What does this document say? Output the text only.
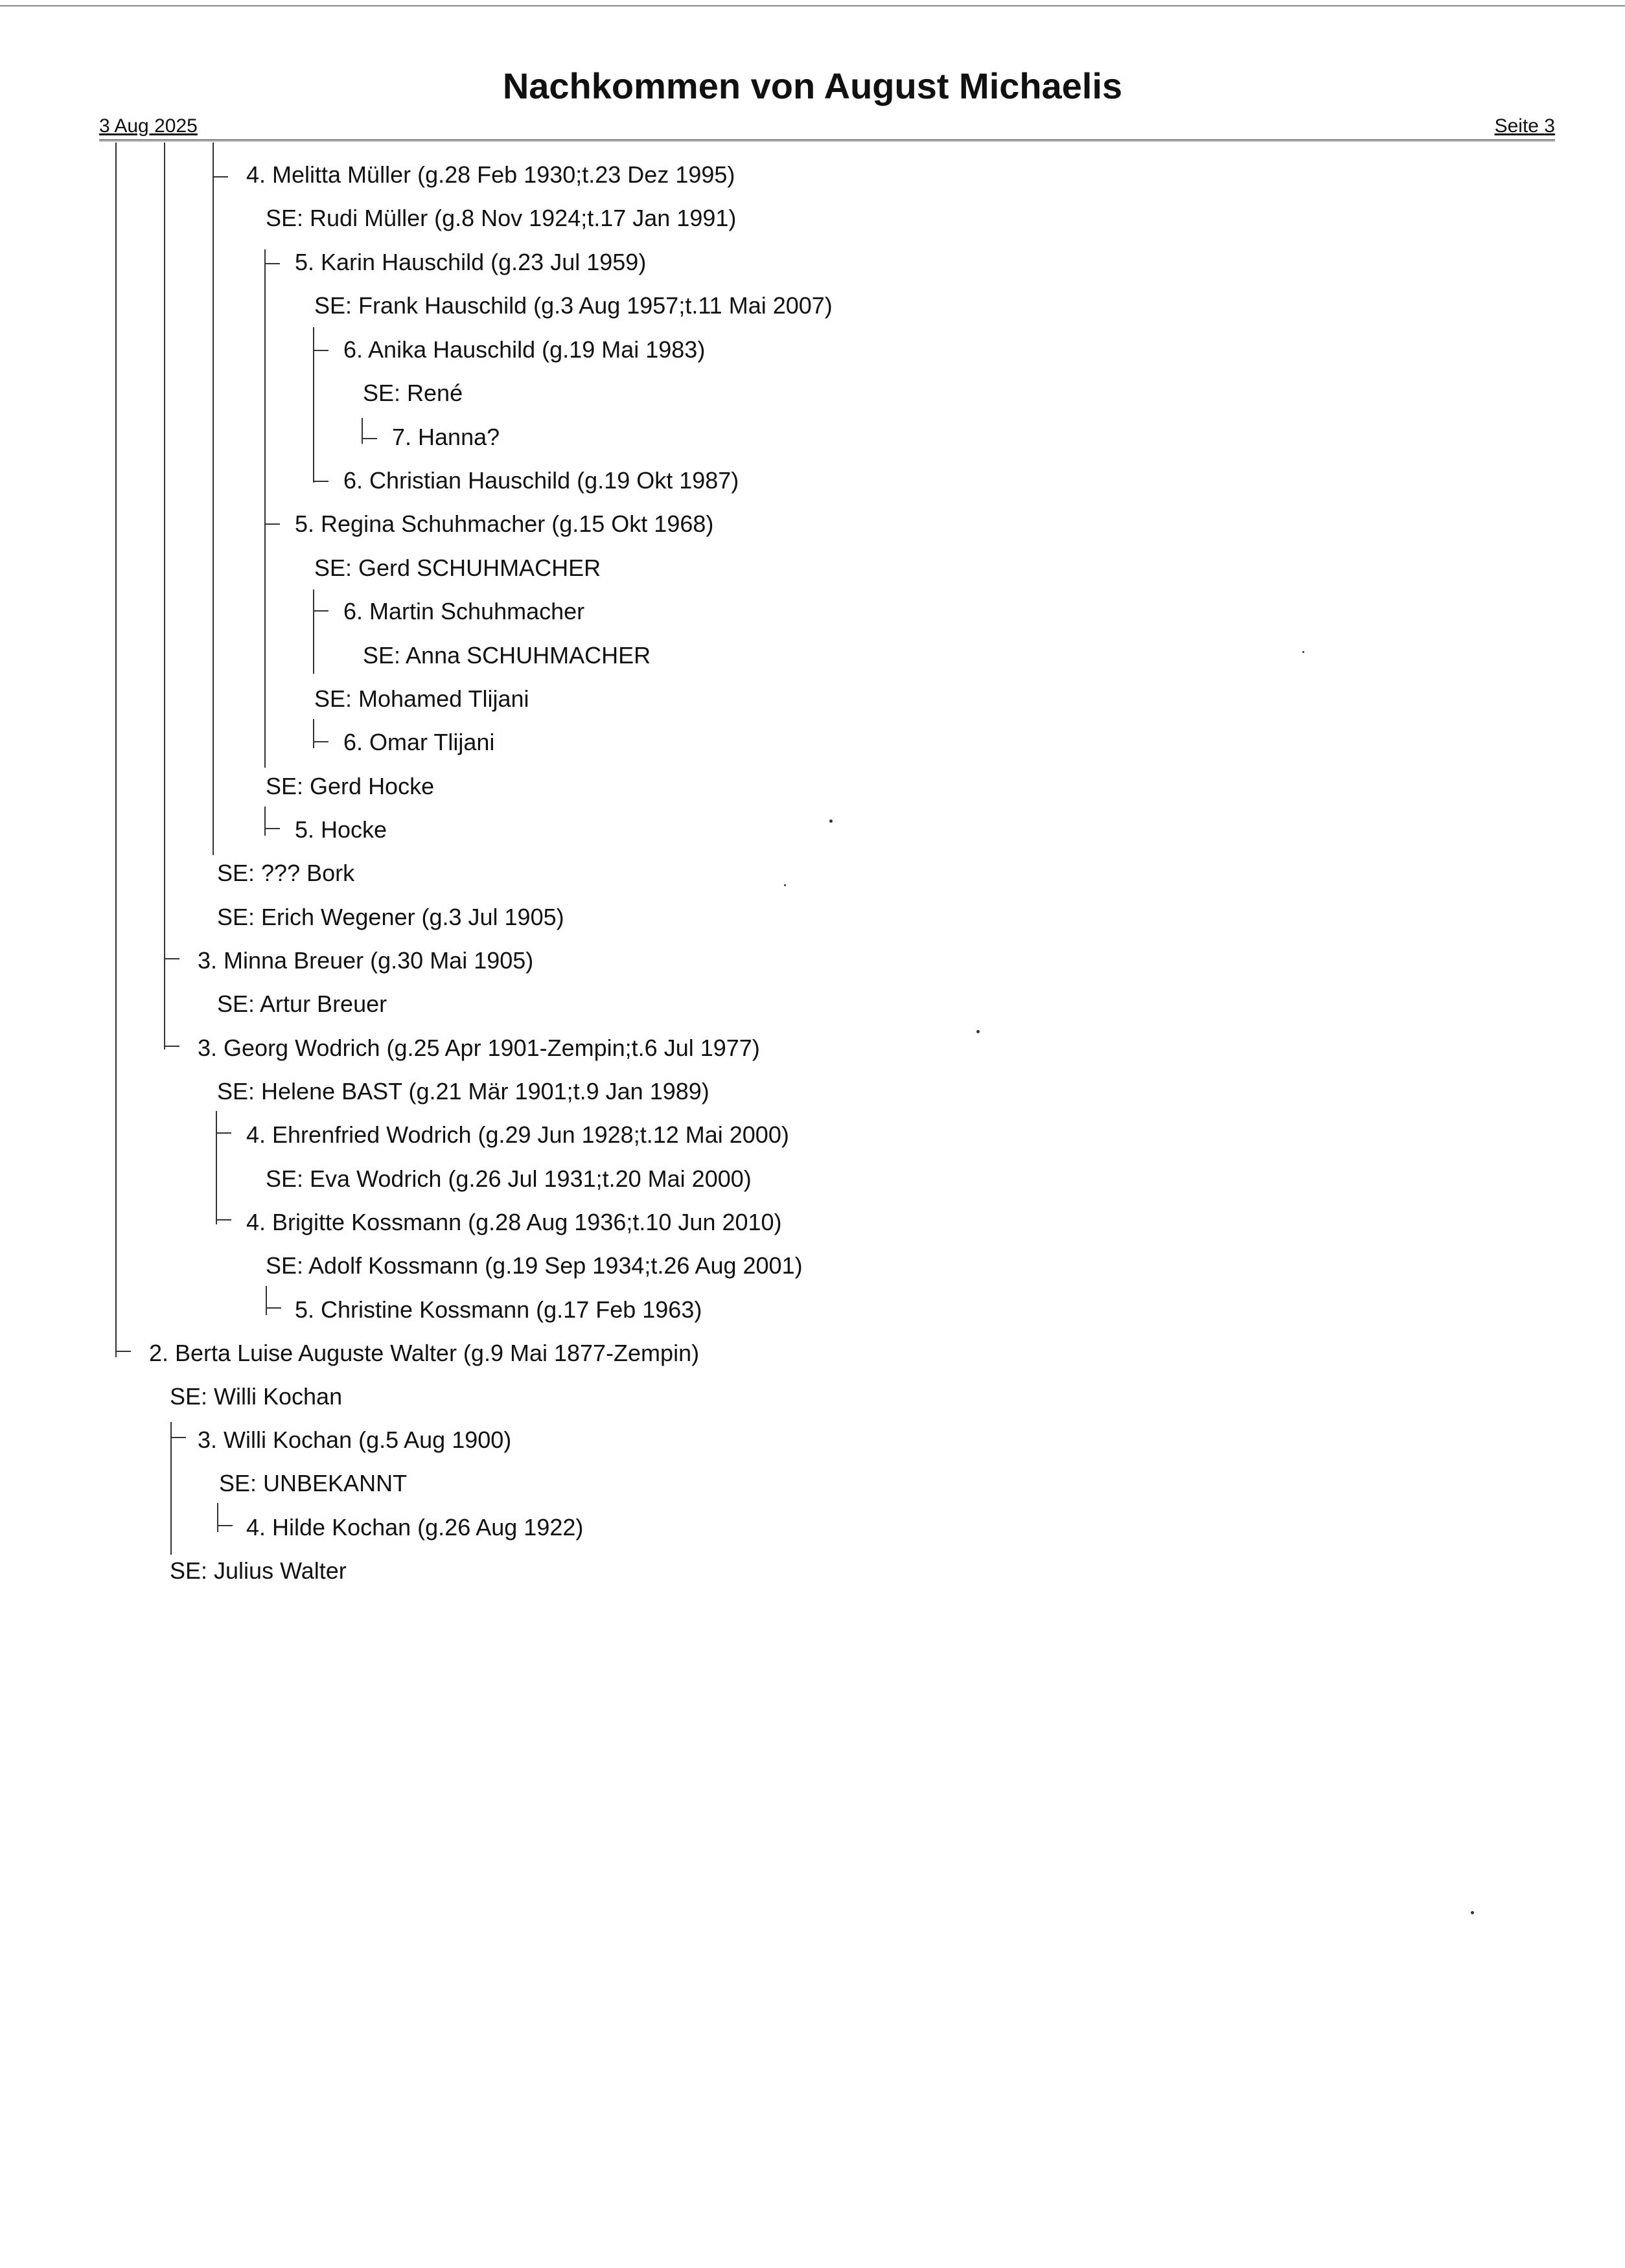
Nachkommen von August Michaelis
3 Aug 2025	Seite 3
4. Melitta Müller (g.28 Feb 1930;t.23 Dez 1995)
SE: Rudi Müller (g.8 Nov 1924;t.17 Jan 1991)
5. Karin Hauschild (g.23 Jul 1959)
SE: Frank Hauschild (g.3 Aug 1957;t.11 Mai 2007)
6. Anika Hauschild (g.19 Mai 1983)
SE: René
7. Hanna?
6. Christian Hauschild (g.19 Okt 1987)
5. Regina Schuhmacher (g.15 Okt 1968)
SE: Gerd SCHUHMACHER
6. Martin Schuhmacher
SE: Anna SCHUHMACHER
SE: Mohamed Tlijani
6. Omar Tlijani
SE: Gerd Hocke
5. Hocke
SE: ??? Bork
SE: Erich Wegener (g.3 Jul 1905)
3. Minna Breuer (g.30 Mai 1905)
SE: Artur Breuer
3. Georg Wodrich (g.25 Apr 1901-Zempin;t.6 Jul 1977)
SE: Helene BAST (g.21 Mär 1901;t.9 Jan 1989)
4. Ehrenfried Wodrich (g.29 Jun 1928;t.12 Mai 2000)
SE: Eva Wodrich (g.26 Jul 1931;t.20 Mai 2000)
4. Brigitte Kossmann (g.28 Aug 1936;t.10 Jun 2010)
SE: Adolf Kossmann (g.19 Sep 1934;t.26 Aug 2001)
5. Christine Kossmann (g.17 Feb 1963)
2. Berta Luise Auguste Walter (g.9 Mai 1877-Zempin)
SE: Willi Kochan
3. Willi Kochan (g.5 Aug 1900)
SE: UNBEKANNT
4. Hilde Kochan (g.26 Aug 1922)
SE: Julius Walter
